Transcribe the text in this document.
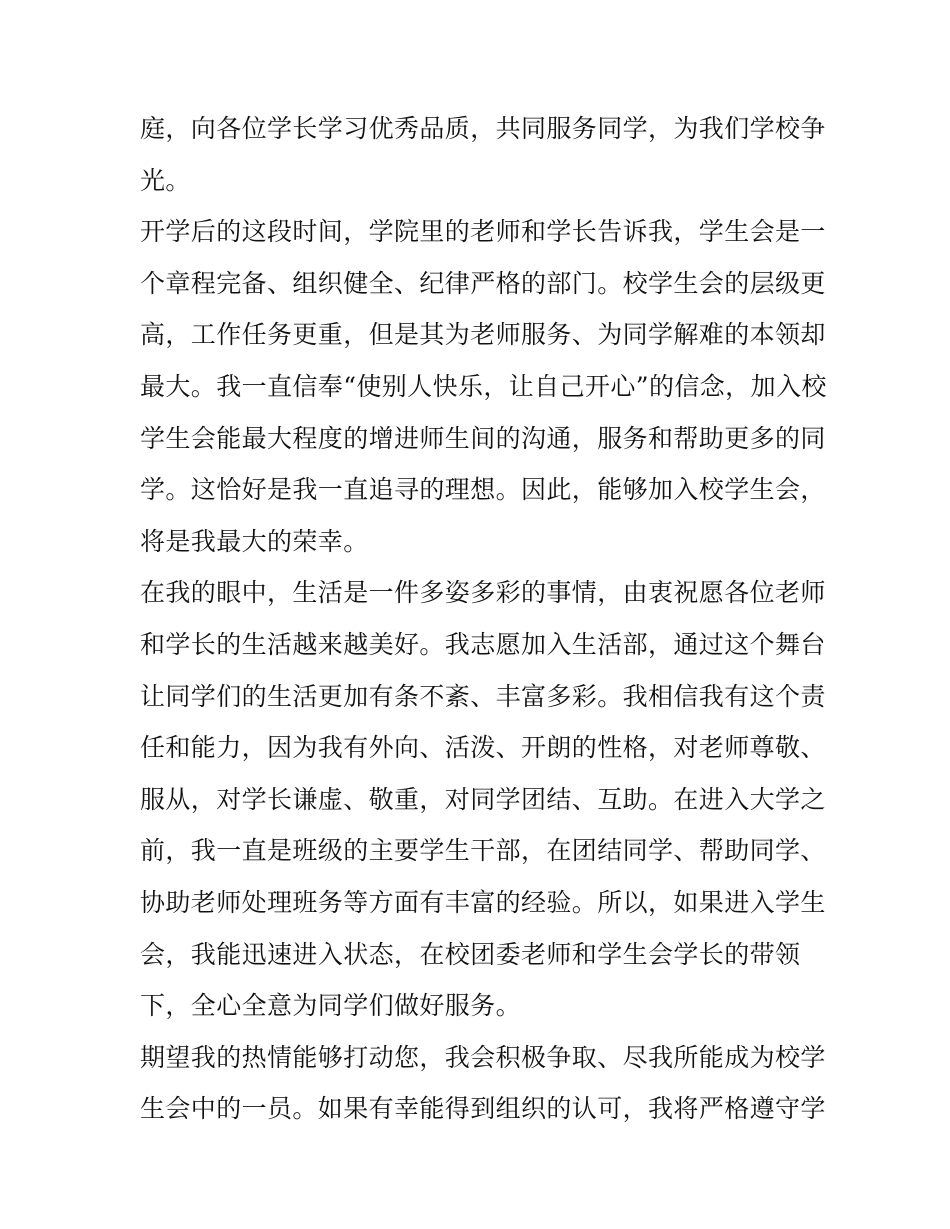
庭，向各位学长学习优秀品质，共同服务同学，为我们学校争
光。
开学后的这段时间，学院里的老师和学长告诉我，学生会是一
个章程完备、组织健全、纪律严格的部门。校学生会的层级更
高，工作任务更重，但是其为老师服务、为同学解难的本领却
最大。我一直信奉“使别人快乐，让自己开心”的信念，加入校
学生会能最大程度的增进师生间的沟通，服务和帮助更多的同
学。这恰好是我一直追寻的理想。因此，能够加入校学生会，
将是我最大的荣幸。
在我的眼中，生活是一件多姿多彩的事情，由衷祝愿各位老师
和学长的生活越来越美好。我志愿加入生活部，通过这个舞台
让同学们的生活更加有条不紊、丰富多彩。我相信我有这个责
任和能力，因为我有外向、活泼、开朗的性格，对老师尊敬、
服从，对学长谦虚、敬重，对同学团结、互助。在进入大学之
前，我一直是班级的主要学生干部，在团结同学、帮助同学、
协助老师处理班务等方面有丰富的经验。所以，如果进入学生
会，我能迅速进入状态，在校团委老师和学生会学长的带领
下，全心全意为同学们做好服务。
期望我的热情能够打动您，我会积极争取、尽我所能成为校学
生会中的一员。如果有幸能得到组织的认可，我将严格遵守学
